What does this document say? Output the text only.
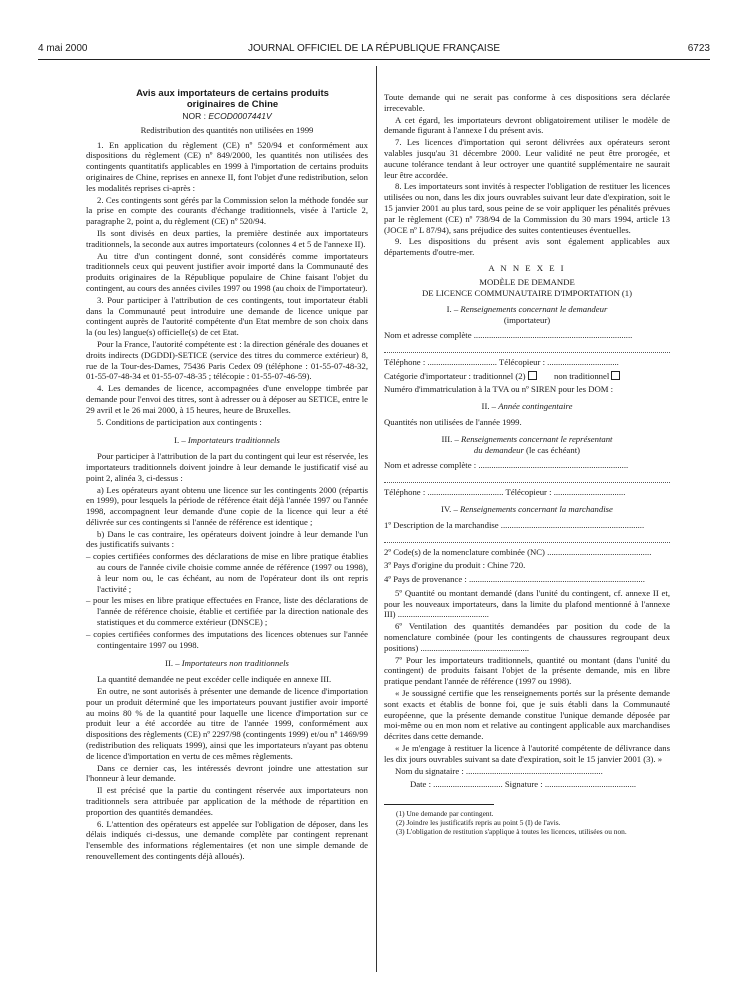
4 mai 2000	JOURNAL OFFICIEL DE LA RÉPUBLIQUE FRANÇAISE	6723

Avis aux importateurs de certains produits

originaires de Chine

NOR : ECOD0007441V

Redistribution des quantités non utilisées en 1999

1. En application du règlement (CE) nº 520/94 et conformément aux dispositions du règlement (CE) nº 849/2000, les quantités non utilisées des contingents quantitatifs applicables en 1999 à l'importation de certains produits originaires de Chine, reprises en annexe II, font l'objet d'une redistribution, selon les modalités reprises ci-après :

2. Ces contingents sont gérés par la Commission selon la méthode fondée sur la prise en compte des courants d'échange traditionnels, visée à l'article 2, paragraphe 2, point a, du règlement (CE) nº 520/94.

Ils sont divisés en deux parties, la première destinée aux importateurs traditionnels, la seconde aux autres importateurs (colonnes 4 et 5 de l'annexe II).

Au titre d'un contingent donné, sont considérés comme importateurs traditionnels ceux qui peuvent justifier avoir importé dans la Communauté des produits originaires de la République populaire de Chine faisant l'objet du contingent, au cours des années civiles 1997 ou 1998 (au choix de l'importateur).

3. Pour participer à l'attribution de ces contingents, tout importateur établi dans la Communauté peut introduire une demande de licence unique par contingent auprès de l'autorité compétente d'un Etat membre de son choix dans la (ou les) langue(s) officielle(s) de cet Etat.

Pour la France, l'autorité compétente est : la direction générale des douanes et droits indirects (DGDDI)-SETICE (service des titres du commerce extérieur) 8, rue de la Tour-des-Dames, 75436 Paris Cedex 09 (téléphone : 01-55-07-48-32, 01-55-07-48-34 et 01-55-07-48-35 ; télécopie : 01-55-07-46-59).

4. Les demandes de licence, accompagnées d'une enveloppe timbrée par demande pour l'envoi des titres, sont à adresser ou à déposer au SETICE, entre le 29 avril et le 26 mai 2000, à 15 heures, heure de Bruxelles.

5. Conditions de participation aux contingents :

I. – Importateurs traditionnels

Pour participer à l'attribution de la part du contingent qui leur est réservée, les importateurs traditionnels doivent joindre à leur demande le justificatif visé au point 2, alinéa 3, ci-dessus :

a) Les opérateurs ayant obtenu une licence sur les contingents 2000 (répartis en 1999), pour lesquels la période de référence était déjà l'année 1997 ou l'année 1998, accompagnent leur demande d'une copie de la licence qui leur a été délivrée sur ces contingents si l'année de référence est identique ;

b) Dans le cas contraire, les opérateurs doivent joindre à leur demande l'un des justificatifs suivants :

– copies certifiées conformes des déclarations de mise en libre pratique établies au cours de l'année civile choisie comme année de référence (1997 ou 1998), à leur nom ou, le cas échéant, au nom de l'opérateur dont ils ont repris l'activité ;

– pour les mises en libre pratique effectuées en France, liste des déclarations de l'année de référence choisie, établie et certifiée par la direction nationale des statistiques et du commerce extérieur (DNSCE) ;

– copies certifiées conformes des imputations des licences obtenues sur l'année contingentaire 1997 ou 1998.

II. – Importateurs non traditionnels

La quantité demandée ne peut excéder celle indiquée en annexe III.

En outre, ne sont autorisés à présenter une demande de licence d'importation pour un produit déterminé que les importateurs pouvant justifier avoir importé au moins 80 % de la quantité pour laquelle une licence d'importation sur ce produit leur a été accordée au titre de l'année 1999, conformément aux dispositions des règlements (CE) nº 2297/98 (contingents 1999) et/ou nº 1469/99 (redistribution des reliquats 1999), ainsi que les importateurs n'ayant pas obtenu de licence d'importation en vertu de ces mêmes règlements.

Dans ce dernier cas, les intéressés devront joindre une attestation sur l'honneur à leur demande.

Il est précisé que la partie du contingent réservée aux importateurs non traditionnels sera attribuée par application de la méthode de répartition en proportion des quantités demandées.

6. L'attention des opérateurs est appelée sur l'obligation de déposer, dans les délais indiqués ci-dessus, une demande complète par contingent reprenant l'ensemble des informations réglementaires (et non une simple demande de renouvellement des contingents déjà alloués).

Toute demande qui ne serait pas conforme à ces dispositions sera déclarée irrecevable.

A cet égard, les importateurs devront obligatoirement utiliser le modèle de demande figurant à l'annexe I du présent avis.

7. Les licences d'importation qui seront délivrées aux opérateurs seront valables jusqu'au 31 décembre 2000. Leur validité ne peut être prorogée, et aucune tolérance tendant à leur octroyer une quantité supplémentaire ne saurait leur être accordée.

8. Les importateurs sont invités à respecter l'obligation de restituer les licences utilisées ou non, dans les dix jours ouvrables suivant leur date d'expiration, soit le 15 janvier 2001 au plus tard, sous peine de se voir appliquer les pénalités prévues par le règlement (CE) nº 738/94 de la Commission du 30 mars 1994, article 13 (JOCE nº L 87/94), sans préjudice des suites contentieuses éventuelles.

9. Les dispositions du présent avis sont également applicables aux départements d'outre-mer.

A N N E X E I

MODÈLE DE DEMANDE
DE LICENCE COMMUNAUTAIRE D'IMPORTATION (1)

I. – Renseignements concernant le demandeur
(importateur)

Nom et adresse complète .........................................................................

Téléphone : ................................ Télécopieur : .................................

Catégorie d'importateur : traditionnel (2)	non traditionnel

Numéro d'immatriculation à la TVA ou nº SIREN pour les DOM :

II. – Année contingentaire

Quantités non utilisées de l'année 1999.

III. – Renseignements concernant le représentant
du demandeur (le cas échéant)

Nom et adresse complète : .....................................................................

Téléphone : ................................... Télécopieur : .................................

IV. – Renseignements concernant la marchandise

1º Description de la marchandise ..................................................................

2º Code(s) de la nomenclature combinée (NC) ................................................

3º Pays d'origine du produit : Chine 720.

4º Pays de provenance : .................................................................................

5º Quantité ou montant demandé (dans l'unité du contingent, cf. annexe II et, pour les nouveaux importateurs, dans la limite du plafond mentionné à l'annexe III) ..........................................

6º Ventilation des quantités demandées par position du code de la nomenclature combinée (pour les contingents de chaussures regroupant deux positions) ..................................................

7º Pour les importateurs traditionnels, quantité ou montant (dans l'unité du contingent) de produits faisant l'objet de la présente demande, mis en libre pratique pendant l'année de référence (1997 ou 1998).

« Je soussigné certifie que les renseignements portés sur la présente demande sont exacts et établis de bonne foi, que je suis établi dans la Communauté européenne, que la présente demande constitue l'unique demande déposée par moi-même ou en mon nom et relative au contingent applicable aux marchandises décrites dans cette demande.

« Je m'engage à restituer la licence à l'autorité compétente de délivrance dans les dix jours ouvrables suivant sa date d'expiration, soit le 15 janvier 2001 (3). »

Nom du signataire : ...............................................................

Date : ................................ Signature : ..........................................

(1) Une demande par contingent.

(2) Joindre les justificatifs repris au point 5 (I) de l'avis.

(3) L'obligation de restitution s'applique à toutes les licences, utilisées ou non.
